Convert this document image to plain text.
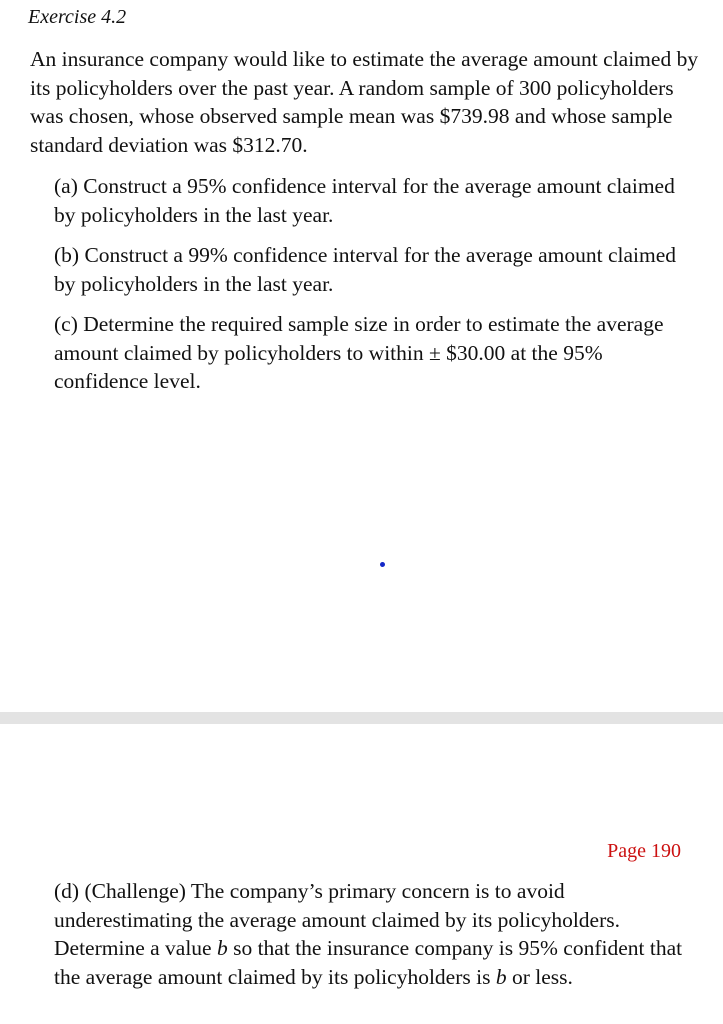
Exercise 4.2
An insurance company would like to estimate the average amount claimed by its policyholders over the past year. A random sample of 300 policyholders was chosen, whose observed sample mean was $739.98 and whose sample standard deviation was $312.70.
(a) Construct a 95% confidence interval for the average amount claimed by policyholders in the last year.
(b) Construct a 99% confidence interval for the average amount claimed by policyholders in the last year.
(c) Determine the required sample size in order to estimate the average amount claimed by policyholders to within ± $30.00 at the 95% confidence level.
Page 190
(d) (Challenge) The company’s primary concern is to avoid underestimating the average amount claimed by its policyholders. Determine a value b so that the insurance company is 95% confident that the average amount claimed by its policyholders is b or less.
